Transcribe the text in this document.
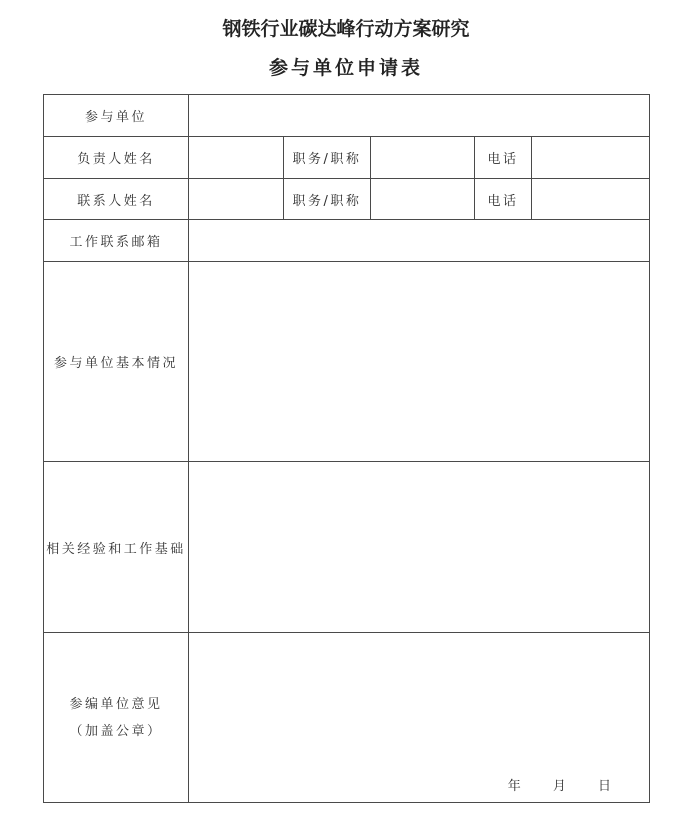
钢铁行业碳达峰行动方案研究
参与单位申请表
参与单位					

负责人姓名		职务/职称		电话	

联系人姓名		职务/职称		电话	

工作联系邮箱					

参与单位基本情况					

相关经验和工作基础					

参编单位意见
（加盖公章）	年 月 日				
